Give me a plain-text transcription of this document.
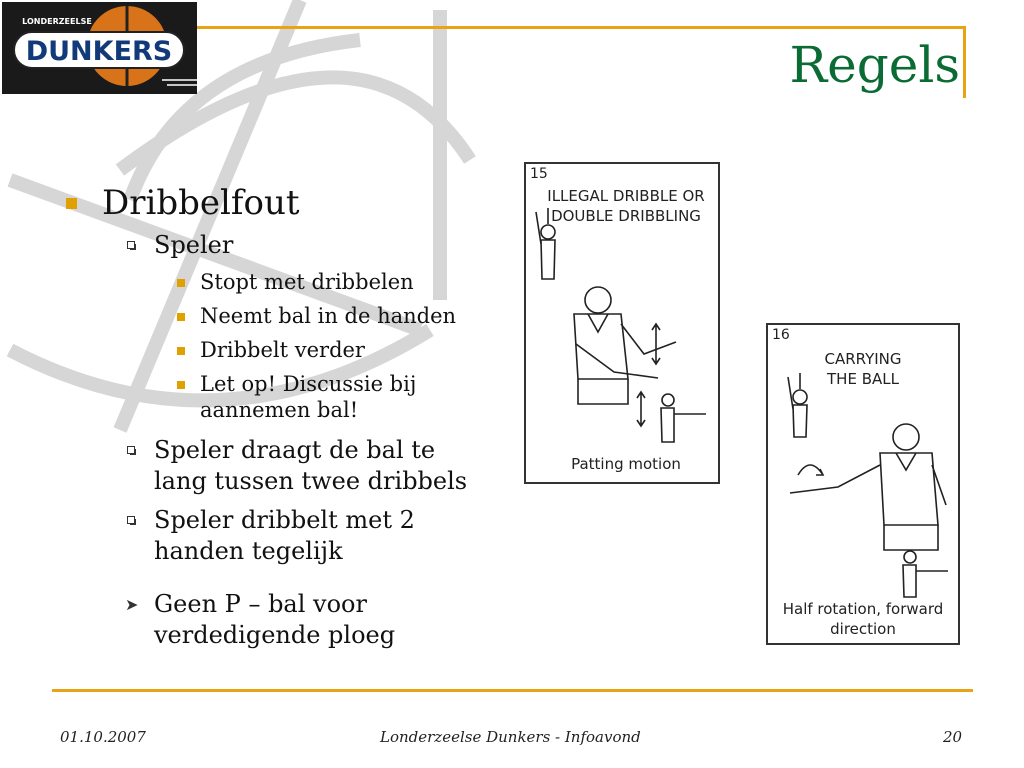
DUNKERS
LONDERZEELSE
Regels
Dribbelfout
Speler
Stopt met dribbelen
Neemt bal in de handen
Dribbelt verder
Let op! Discussie bij aannemen bal!
Speler draagt de bal te lang tussen twee dribbels
Speler dribbelt met 2 handen tegelijk
➤ Geen P – bal voor verdedigende ploeg
15
ILLEGAL DRIBBLE OR DOUBLE DRIBBLING
Patting motion
16
CARRYING THE BALL
Half rotation, forward direction
01.10.2007	Londerzeelse Dunkers - Infoavond	20
